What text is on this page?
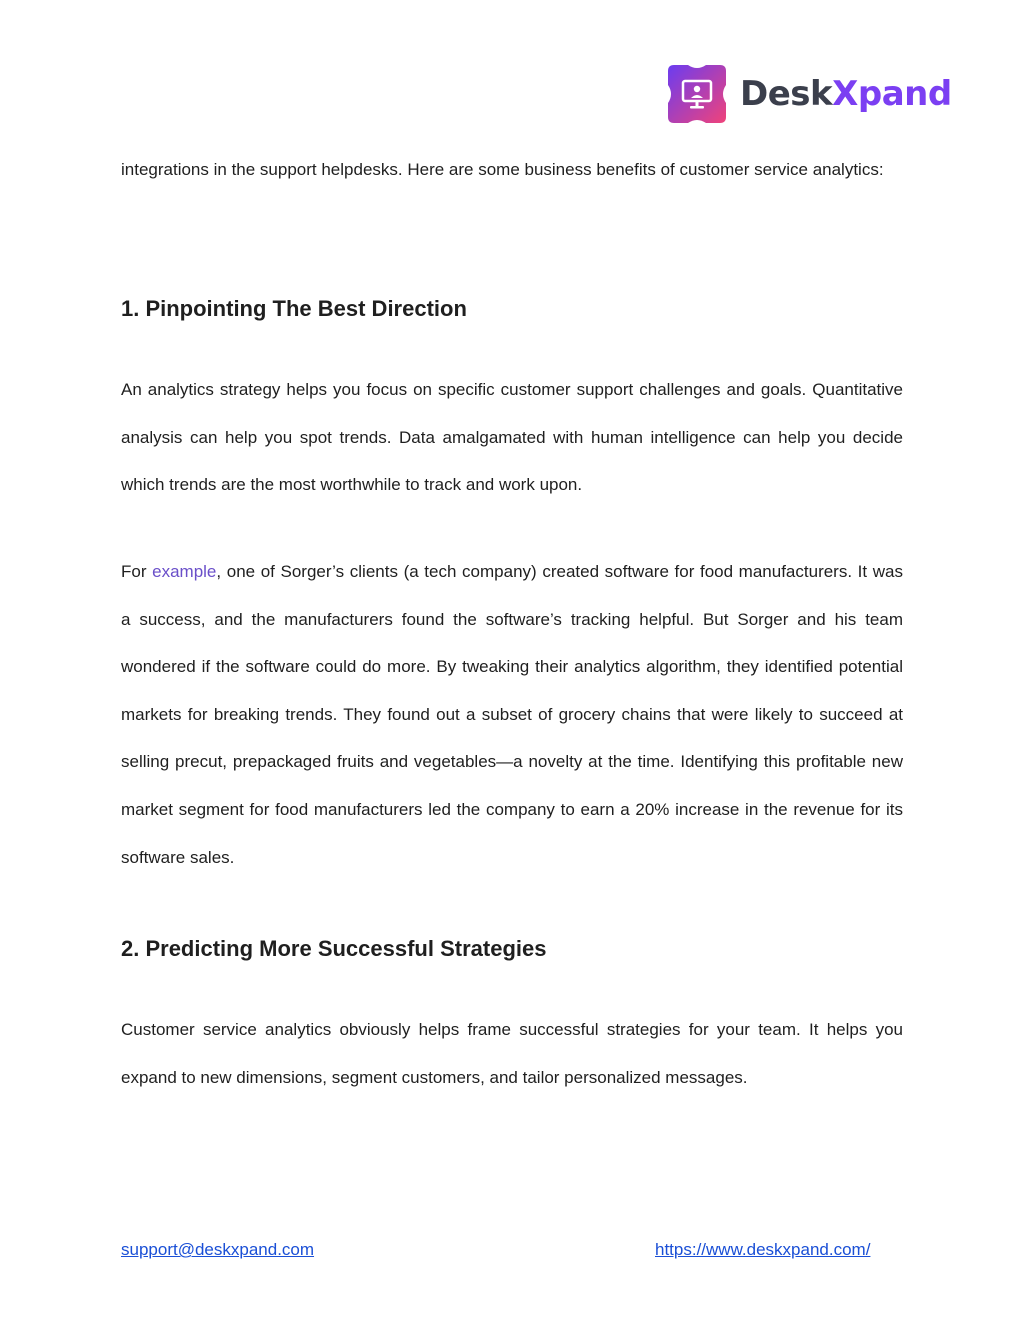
DeskXpand

integrations in the support helpdesks. Here are some business benefits of customer service analytics:

1. Pinpointing The Best Direction

An analytics strategy helps you focus on specific customer support challenges and goals. Quantitative analysis can help you spot trends. Data amalgamated with human intelligence can help you decide which trends are the most worthwhile to track and work upon.

For example, one of Sorger’s clients (a tech company) created software for food manufacturers. It was a success, and the manufacturers found the software’s tracking helpful. But Sorger and his team wondered if the software could do more. By tweaking their analytics algorithm, they identified potential markets for breaking trends. They found out a subset of grocery chains that were likely to succeed at selling precut, prepackaged fruits and vegetables—a novelty at the time. Identifying this profitable new market segment for food manufacturers led the company to earn a 20% increase in the revenue for its software sales.

2. Predicting More Successful Strategies

Customer service analytics obviously helps frame successful strategies for your team. It helps you expand to new dimensions, segment customers, and tailor personalized messages.

support@deskxpand.com	https://www.deskxpand.com/
